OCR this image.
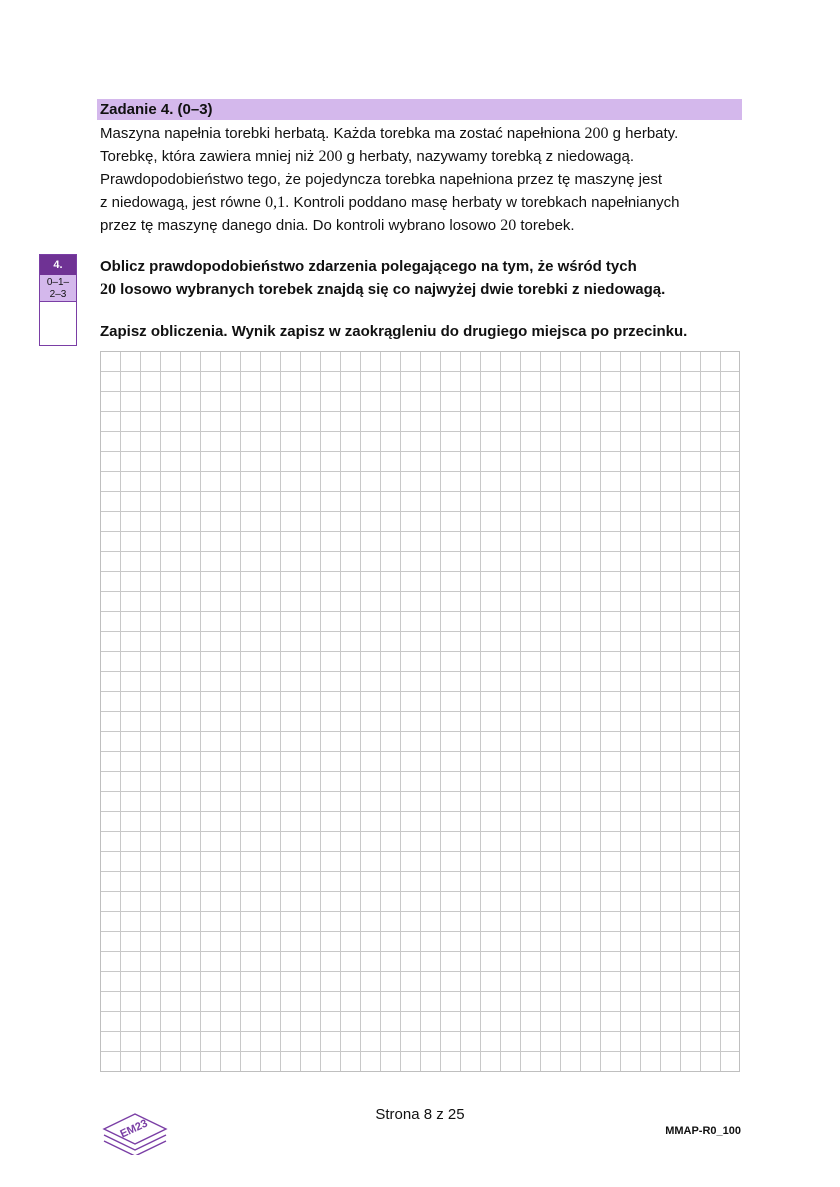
Zadanie 4. (0–3)

Maszyna napełnia torebki herbatą. Każda torebka ma zostać napełniona 200 g herbaty.

Torebkę, która zawiera mniej niż 200 g herbaty, nazywamy torebką z niedowagą.

Prawdopodobieństwo tego, że pojedyncza torebka napełniona przez tę maszynę jest

z niedowagą, jest równe 0,1. Kontroli poddano masę herbaty w torebkach napełnianych

przez tę maszynę danego dnia. Do kontroli wybrano losowo 20 torebek.

4.
0–1–
2–3

Oblicz prawdopodobieństwo zdarzenia polegającego na tym, że wśród tych

20 losowo wybranych torebek znajdą się co najwyżej dwie torebki z niedowagą.

Zapisz obliczenia. Wynik zapisz w zaokrągleniu do drugiego miejsca po przecinku.

EM23
Strona 8 z 25
MMAP-R0_100
